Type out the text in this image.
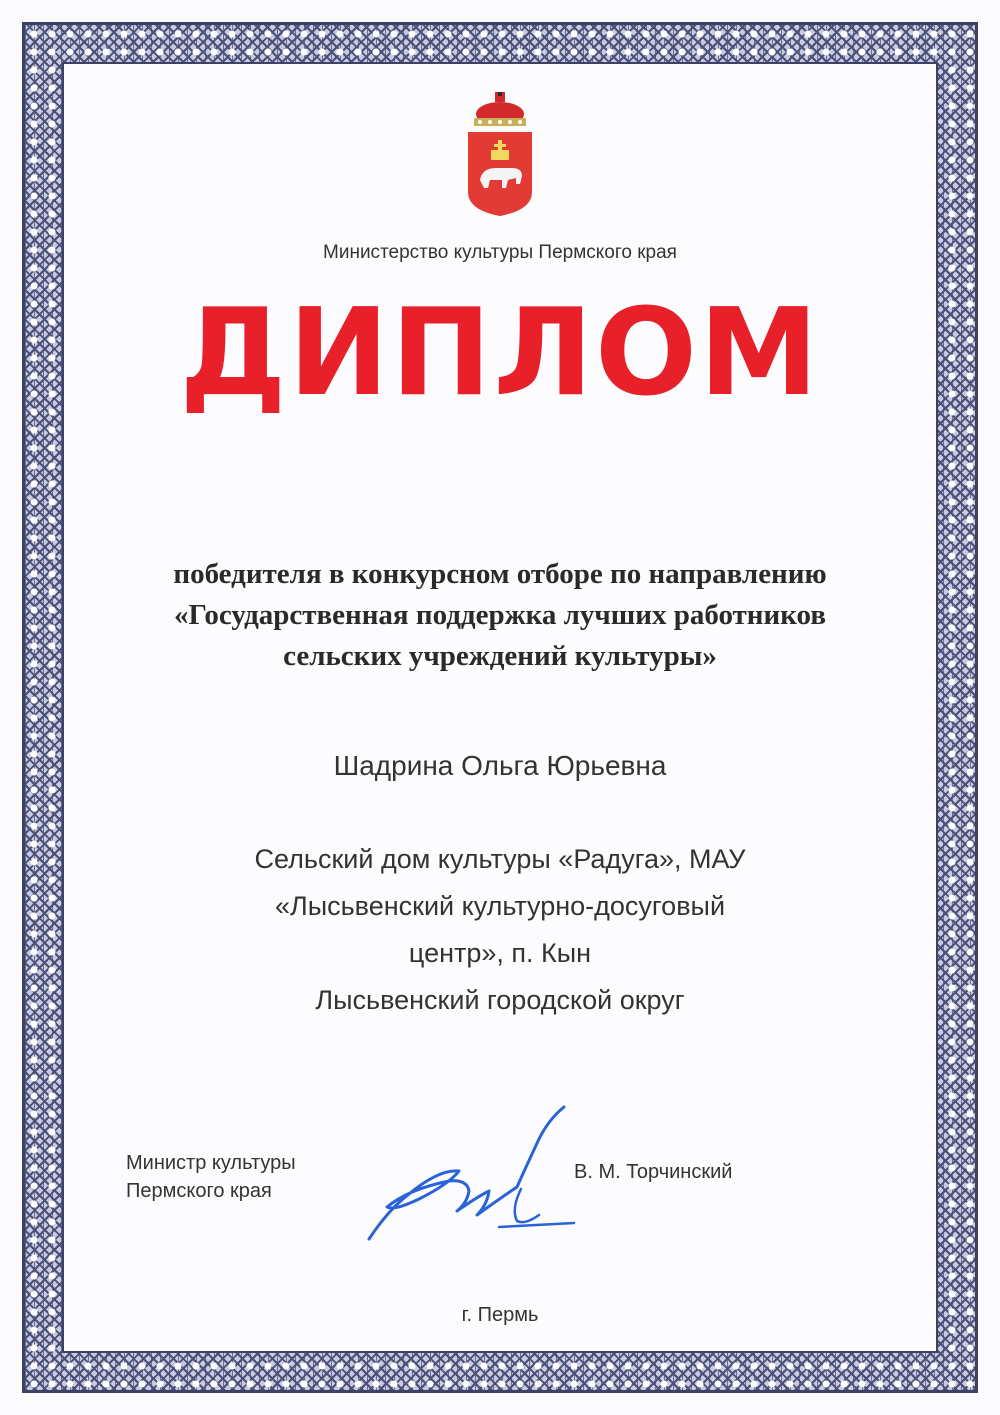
Министерство культуры Пермского края
ДИПЛОМ
победителя в конкурсном отборе по направлению
«Государственная поддержка лучших работников
сельских учреждений культуры»
Шадрина Ольга Юрьевна
Сельский дом культуры «Радуга», МАУ
«Лысьвенский культурно-досуговый
центр», п. Кын
Лысьвенский городской округ
Министр культуры
Пермского края
В. М. Торчинский
г. Пермь
